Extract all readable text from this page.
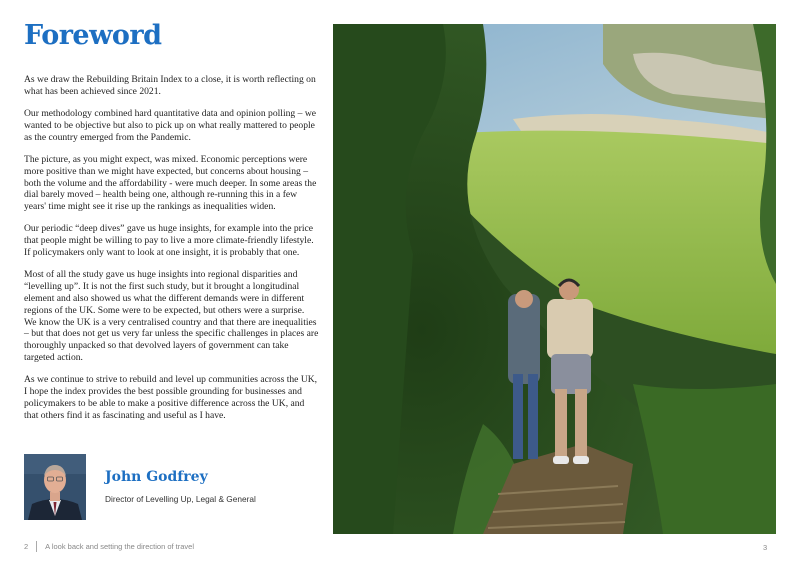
Foreword

As we draw the Rebuilding Britain Index to a close, it is worth reflecting on what has been achieved since 2021.

Our methodology combined hard quantitative data and opinion polling – we wanted to be objective but also to pick up on what really mattered to people as the country emerged from the Pandemic.

The picture, as you might expect, was mixed. Economic perceptions were more positive than we might have expected, but concerns about housing – both the volume and the affordability - were much deeper. In some areas the dial barely moved – health being one, although re-running this in a few years' time might see it rise up the rankings as inequalities widen.

Our periodic “deep dives” gave us huge insights, for example into the price that people might be willing to pay to live a more climate-friendly lifestyle. If policymakers only want to look at one insight, it is probably that one.

Most of all the study gave us huge insights into regional disparities and “levelling up”. It is not the first such study, but it brought a longitudinal element and also showed us what the different demands were in different regions of the UK. Some were to be expected, but others were a surprise. We know the UK is a very centralised country and that there are inequalities – but that does not get us very far unless the specific challenges in places are thoroughly unpacked so that devolved layers of government can take targeted action.

As we continue to strive to rebuild and level up communities across the UK, I hope the index provides the best possible grounding for businesses and policymakers to be able to make a positive difference across the UK, and that others find it as fascinating and useful as I have.

John Godfrey
Director of Levelling Up, Legal & General
2 A look back and setting the direction of travel	3
